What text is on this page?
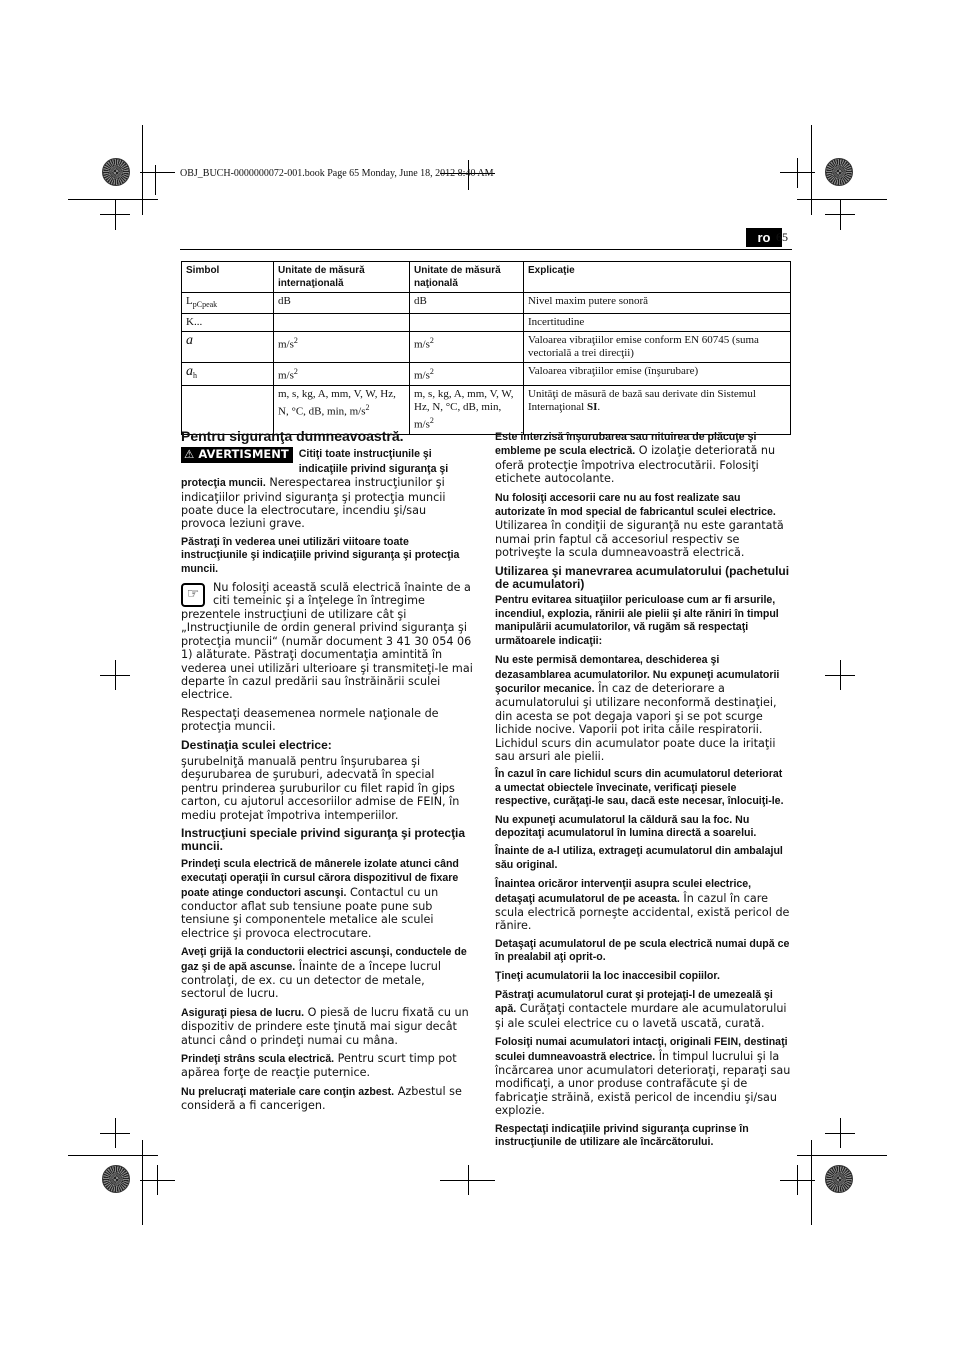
OBJ_BUCH-0000000072-001.book Page 65 Monday, June 18, 2012 8:40 AM
ro 65
Simbol	Unitate de măsură internaţională	Unitate de măsură naţională	Explicaţie
$L_{pCpeak}$	dB	dB	Nivel maxim putere sonoră
K...			Incertitudine
a	$m/s^2$	$m/s^2$	Valoarea vibraţiilor emise conform EN 60745 (suma vectorială a trei direcţii)
$a_h$	$m/s^2$	$m/s^2$	Valoarea vibraţiilor emise (înşurubare)
	m, s, kg, A, mm, V, W, Hz, N, °C, dB, min, $m/s^2$	m, s, kg, A, mm, V, W, Hz, N, °C, dB, min, $m/s^2$	Unităţi de măsură de bază sau derivate din Sistemul Internaţional SI.
Pentru siguranţa dumneavoastră.

⚠ AVERTISMENT Citiţi toate instrucţiunile şi indicaţiile privind siguranţa şi protecţia muncii. Nerespectarea instrucţiunilor şi indicaţiilor privind siguranţa şi protecţia muncii poate duce la electrocutare, incendiu şi/sau provoca leziuni grave.

Păstraţi în vederea unei utilizări viitoare toate instrucţiunile şi indicaţiile privind siguranţa şi protecţia muncii.

☞	Nu folosiţi această sculă electrică înainte de a citi temeinic şi a înţelege în întregime prezentele instrucţiuni de utilizare cât şi „Instrucţiunile de ordin general privind siguranţa şi protecţia muncii“ (număr document 3 41 30 054 06 1) alăturate. Păstraţi documentaţia amintită în vederea unei utilizări ulterioare şi transmiteţi-le mai departe în cazul predării sau înstrăinării sculei electrice.

Respectaţi deasemenea normele naţionale de protecţia muncii.

Destinaţia sculei electrice:

şurubelniţă manuală pentru înşurubarea şi deşurubarea de şuruburi, adecvată în special pentru prinderea şuruburilor cu filet rapid în gips carton, cu ajutorul accesoriilor admise de FEIN, în mediu protejat împotriva intemperiilor.

Instrucţiuni speciale privind siguranţa şi protecţia muncii.

Prindeţi scula electrică de mânerele izolate atunci când executaţi operaţii în cursul cărora dispozitivul de fixare poate atinge conductori ascunşi. Contactul cu un conductor aflat sub tensiune poate pune sub tensiune şi componentele metalice ale sculei electrice şi provoca electrocutare.

Aveţi grijă la conductorii electrici ascunşi, conductele de gaz şi de apă ascunse. Înainte de a începe lucrul controlaţi, de ex. cu un detector de metale, sectorul de lucru.

Asiguraţi piesa de lucru. O piesă de lucru fixată cu un dispozitiv de prindere este ţinută mai sigur decât atunci când o prindeţi numai cu mâna.

Prindeţi strâns scula electrică. Pentru scurt timp pot apărea forţe de reacţie puternice.

Nu prelucraţi materiale care conţin azbest. Azbestul se consideră a fi cancerigen.

Este interzisă înşurubarea sau nituirea de plăcuţe şi embleme pe scula electrică. O izolaţie deteriorată nu oferă protecţie împotriva electrocutării. Folosiţi etichete autocolante.

Nu folosiţi accesorii care nu au fost realizate sau autorizate în mod special de fabricantul sculei electrice. Utilizarea în condiţii de siguranţă nu este garantată numai prin faptul că accesoriul respectiv se potriveşte la scula dumneavoastră electrică.

Utilizarea şi manevrarea acumulatorului (pachetului de acumulatori)

Pentru evitarea situaţiilor periculoase cum ar fi arsurile, incendiul, explozia, rănirii ale pielii şi alte răniri în timpul manipulării acumulatorilor, vă rugăm să respectaţi următoarele indicaţii:

Nu este permisă demontarea, deschiderea şi dezasamblarea acumulatorilor. Nu expuneţi acumulatorii şocurilor mecanice. În caz de deteriorare a acumulatorului şi utilizare neconformă destinaţiei, din acesta se pot degaja vapori şi se pot scurge lichide nocive. Vaporii pot irita căile respiratorii. Lichidul scurs din acumulator poate duce la iritaţii sau arsuri ale pielii.

În cazul în care lichidul scurs din acumulatorul deteriorat a umectat obiectele învecinate, verificaţi piesele respective, curăţaţi-le sau, dacă este necesar, înlocuiţi-le.

Nu expuneţi acumulatorul la căldură sau la foc. Nu depozitaţi acumulatorul în lumina directă a soarelui.

Înainte de a-l utiliza, extrageţi acumulatorul din ambalajul său original.

Înaintea oricăror intervenţii asupra sculei electrice, detaşaţi acumulatorul de pe aceasta. În cazul în care scula electrică porneşte accidental, există pericol de rănire.

Detaşaţi acumulatorul de pe scula electrică numai după ce în prealabil aţi oprit-o.

Ţineţi acumulatorii la loc inaccesibil copiilor.

Păstraţi acumulatorul curat şi protejaţi-l de umezeală şi apă. Curăţaţi contactele murdare ale acumulatorului şi ale sculei electrice cu o lavetă uscată, curată.

Folosiţi numai acumulatori intacţi, originali FEIN, destinaţi sculei dumneavoastră electrice. În timpul lucrului şi la încărcarea unor acumulatori deterioraţi, reparaţi sau modificaţi, a unor produse contrafăcute şi de fabricaţie străină, există pericol de incendiu şi/sau explozie.

Respectaţi indicaţiile privind siguranţa cuprinse în instrucţiunile de utilizare ale încărcătorului.
